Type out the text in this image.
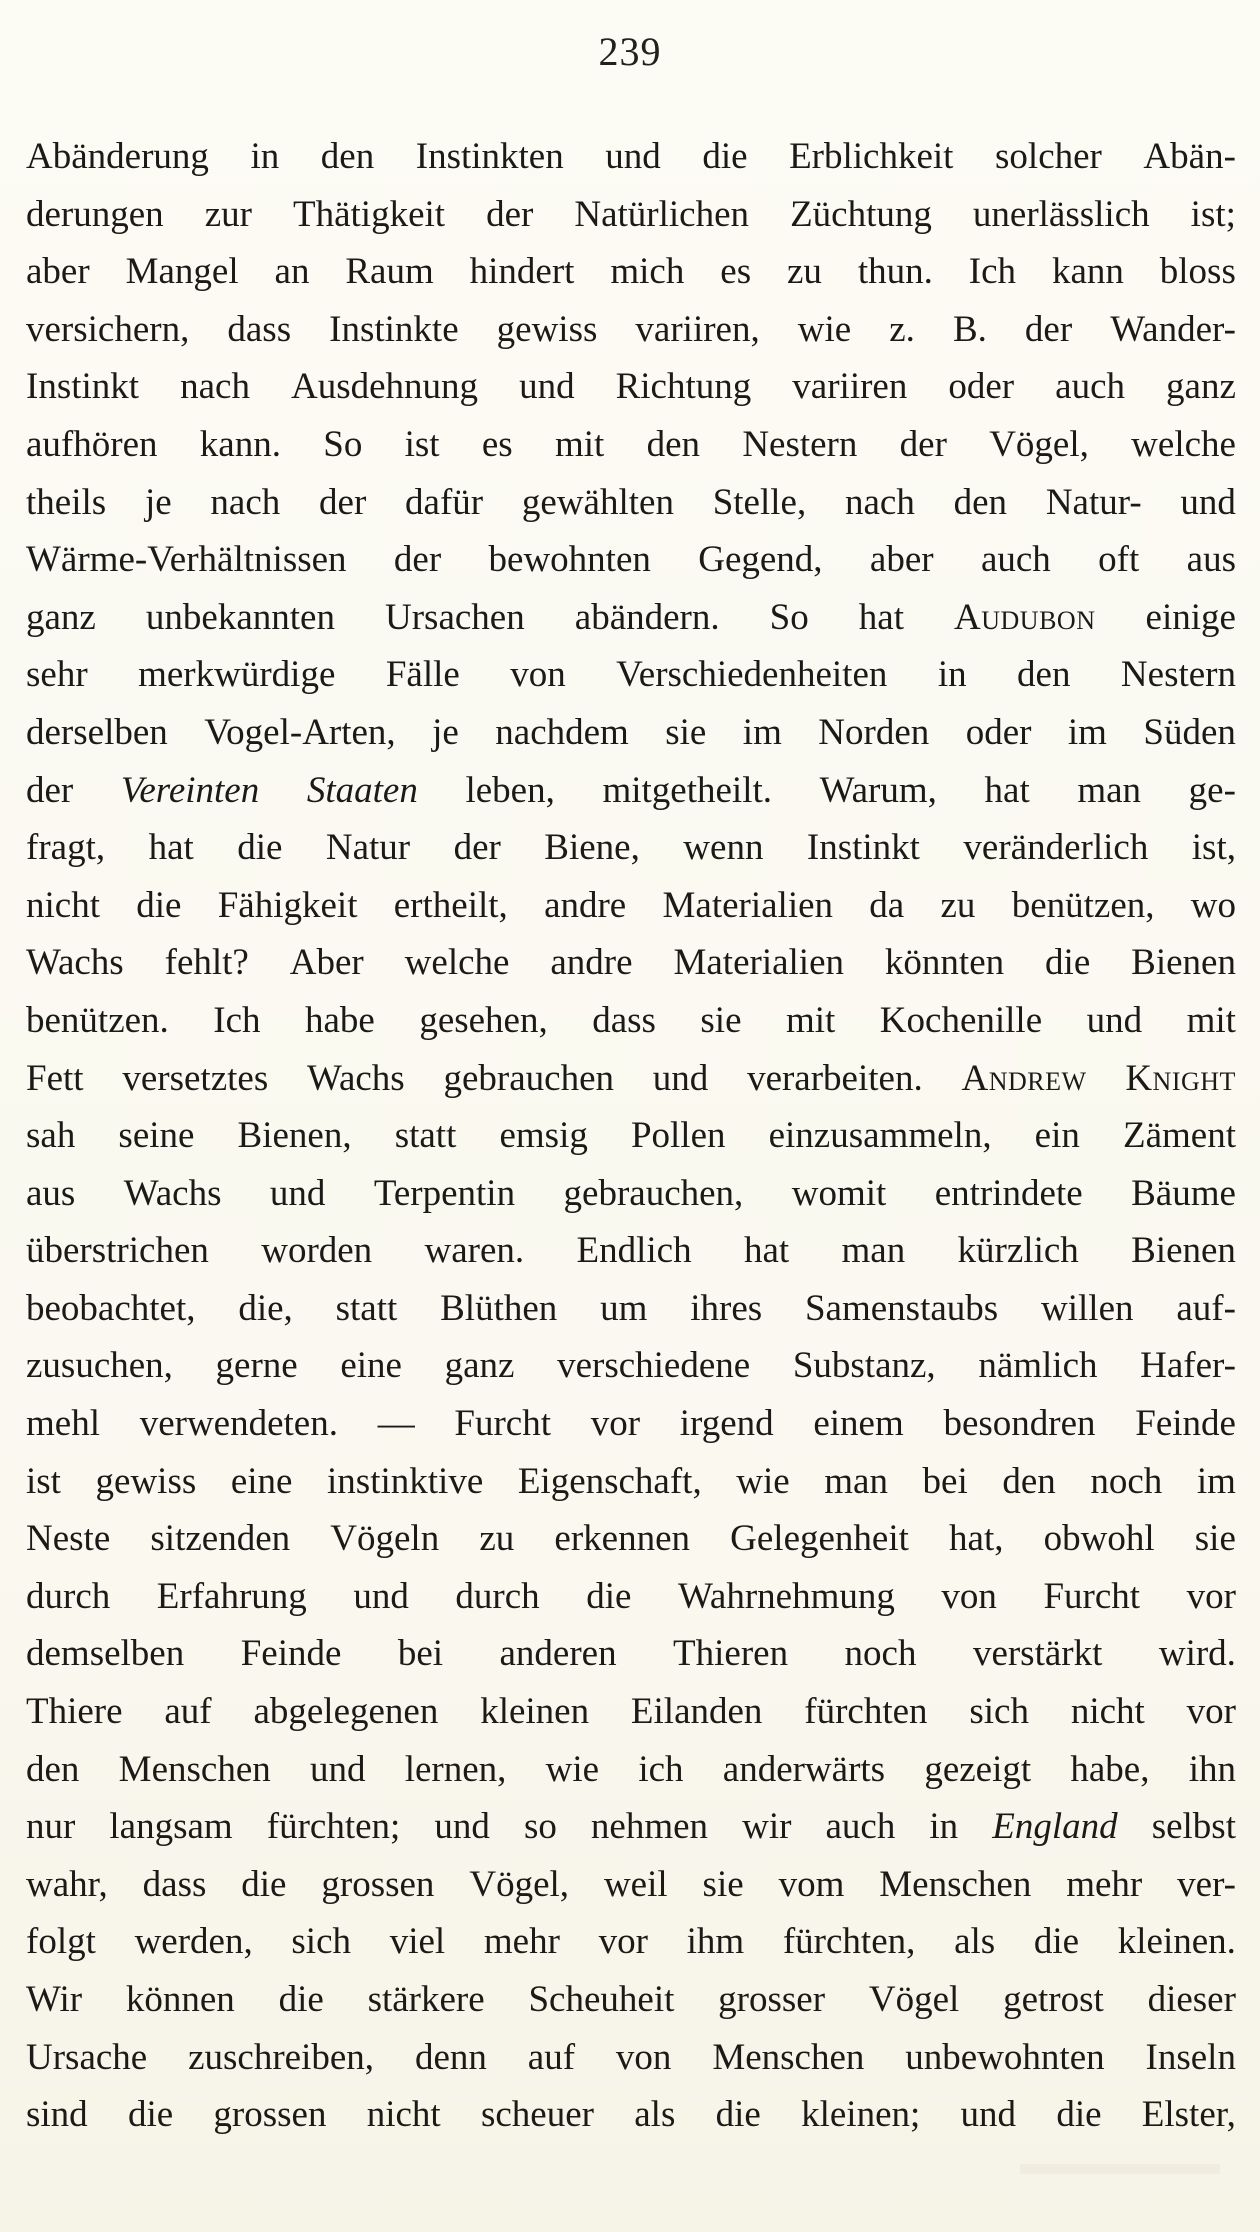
239
Abänderung in den Instinkten und die Erblichkeit solcher Abän-
derungen zur Thätigkeit der Natürlichen Züchtung unerlässlich ist;
aber Mangel an Raum hindert mich es zu thun. Ich kann bloss
versichern, dass Instinkte gewiss variiren, wie z. B. der Wander-
Instinkt nach Ausdehnung und Richtung variiren oder auch ganz
aufhören kann. So ist es mit den Nestern der Vögel, welche
theils je nach der dafür gewählten Stelle, nach den Natur- und
Wärme-Verhältnissen der bewohnten Gegend, aber auch oft aus
ganz unbekannten Ursachen abändern. So hat Audubon einige
sehr merkwürdige Fälle von Verschiedenheiten in den Nestern
derselben Vogel-Arten, je nachdem sie im Norden oder im Süden
der Vereinten Staaten leben, mitgetheilt. Warum, hat man ge-
fragt, hat die Natur der Biene, wenn Instinkt veränderlich ist,
nicht die Fähigkeit ertheilt, andre Materialien da zu benützen, wo
Wachs fehlt? Aber welche andre Materialien könnten die Bienen
benützen. Ich habe gesehen, dass sie mit Kochenille und mit
Fett versetztes Wachs gebrauchen und verarbeiten. Andrew Knight
sah seine Bienen, statt emsig Pollen einzusammeln, ein Zäment
aus Wachs und Terpentin gebrauchen, womit entrindete Bäume
überstrichen worden waren. Endlich hat man kürzlich Bienen
beobachtet, die, statt Blüthen um ihres Samenstaubs willen auf-
zusuchen, gerne eine ganz verschiedene Substanz, nämlich Hafer-
mehl verwendeten. — Furcht vor irgend einem besondren Feinde
ist gewiss eine instinktive Eigenschaft, wie man bei den noch im
Neste sitzenden Vögeln zu erkennen Gelegenheit hat, obwohl sie
durch Erfahrung und durch die Wahrnehmung von Furcht vor
demselben Feinde bei anderen Thieren noch verstärkt wird.
Thiere auf abgelegenen kleinen Eilanden fürchten sich nicht vor
den Menschen und lernen, wie ich anderwärts gezeigt habe, ihn
nur langsam fürchten; und so nehmen wir auch in England selbst
wahr, dass die grossen Vögel, weil sie vom Menschen mehr ver-
folgt werden, sich viel mehr vor ihm fürchten, als die kleinen.
Wir können die stärkere Scheuheit grosser Vögel getrost dieser
Ursache zuschreiben, denn auf von Menschen unbewohnten Inseln
sind die grossen nicht scheuer als die kleinen; und die Elster,
